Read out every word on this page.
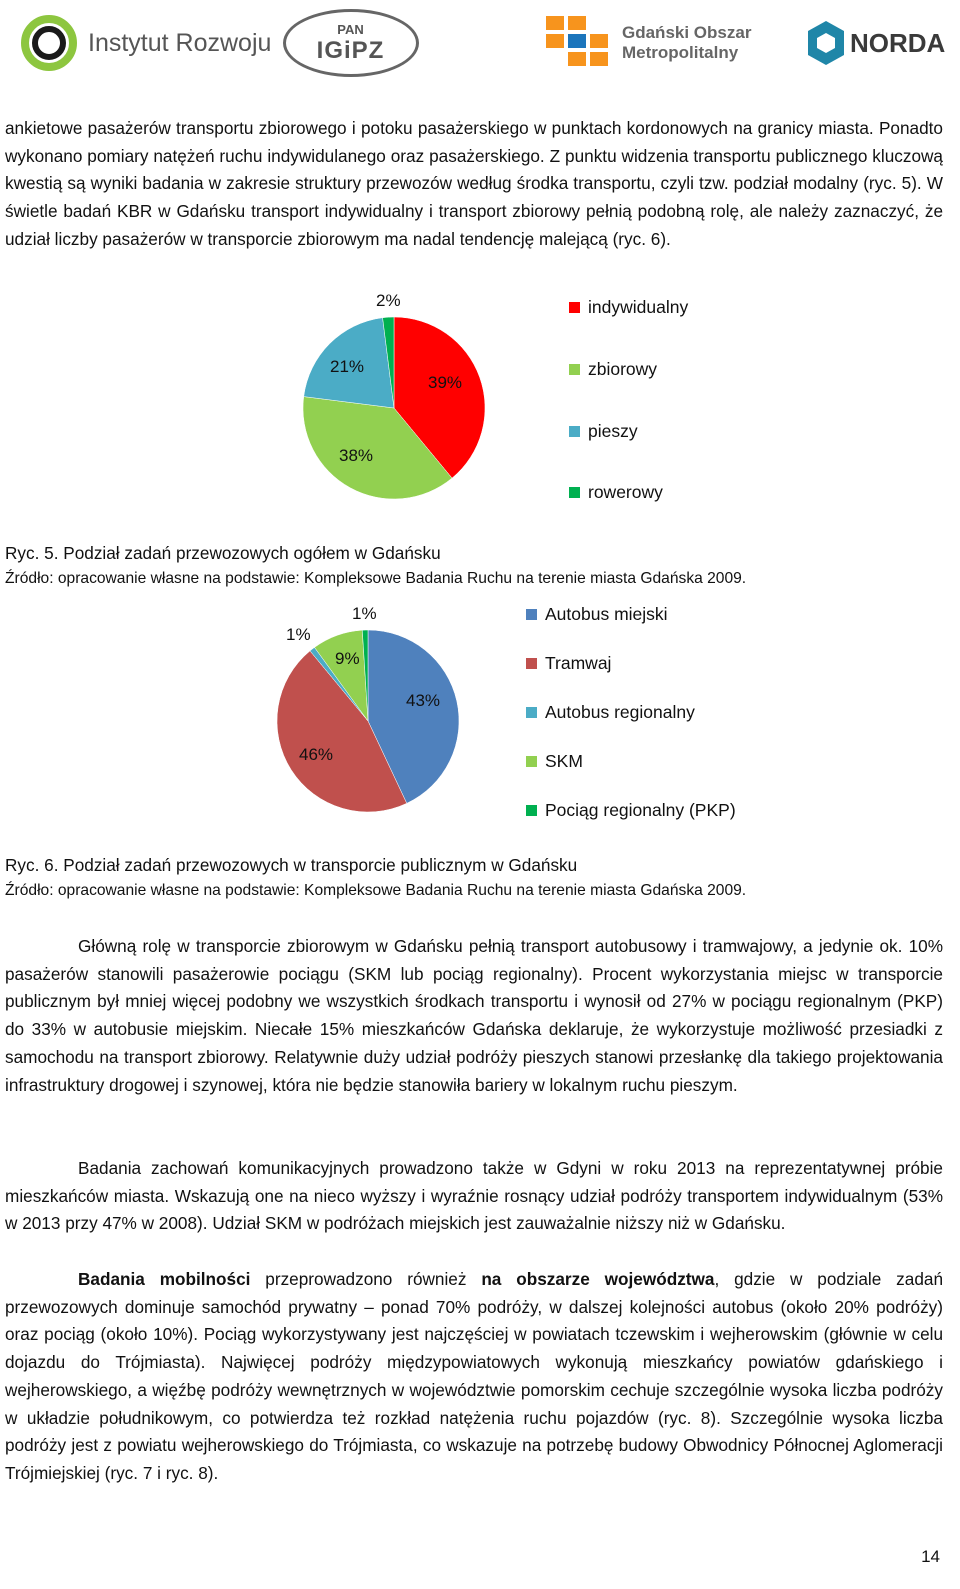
Instytut Rozwoju	PAN
IGiPZ
Gdański Obszar
Metropolitalny	NORDA

ankietowe pasażerów transportu zbiorowego i potoku pasażerskiego w punktach kordonowych na granicy miasta. Ponadto wykonano pomiary natężeń ruchu indywidulanego oraz pasażerskiego. Z punktu widzenia transportu publicznego kluczową kwestią są wyniki badania w zakresie struktury przewozów według środka transportu, czyli tzw. podział modalny (ryc. 5). W świetle badań KBR w Gdańsku transport indywidualny i transport zbiorowy pełnią podobną rolę, ale należy zaznaczyć, że udział liczby pasażerów w transporcie zbiorowym ma nadal tendencję malejącą (ryc. 6).

2%
21%
39%
38%
indywidualny
zbiorowy
pieszy
rowerowy
Ryc. 5. Podział zadań przewozowych ogółem w Gdańsku
Źródło: opracowanie własne na podstawie: Kompleksowe Badania Ruchu na terenie miasta Gdańska 2009.
1%
1%
9%
43%
46%
Autobus miejski
Tramwaj
Autobus regionalny
SKM
Pociąg regionalny (PKP)
Ryc. 6. Podział zadań przewozowych w transporcie publicznym w Gdańsku
Źródło: opracowanie własne na podstawie: Kompleksowe Badania Ruchu na terenie miasta Gdańska 2009.

Główną rolę w transporcie zbiorowym w Gdańsku pełnią transport autobusowy i tramwajowy, a jedynie ok. 10% pasażerów stanowili pasażerowie pociągu (SKM lub pociąg regionalny). Procent wykorzystania miejsc w transporcie publicznym był mniej więcej podobny we wszystkich środkach transportu i wynosił od 27% w pociągu regionalnym (PKP) do 33% w autobusie miejskim. Niecałe 15% mieszkańców Gdańska deklaruje, że wykorzystuje możliwość przesiadki z samochodu na transport zbiorowy. Relatywnie duży udział podróży pieszych stanowi przesłankę dla takiego projektowania infrastruktury drogowej i szynowej, która nie będzie stanowiła bariery w lokalnym ruchu pieszym.

Badania zachowań komunikacyjnych prowadzono także w Gdyni w roku 2013 na reprezentatywnej próbie mieszkańców miasta. Wskazują one na nieco wyższy i wyraźnie rosnący udział podróży transportem indywidualnym (53% w 2013 przy 47% w 2008). Udział SKM w podróżach miejskich jest zauważalnie niższy niż w Gdańsku.

Badania mobilności przeprowadzono również na obszarze województwa, gdzie w podziale zadań przewozowych dominuje samochód prywatny – ponad 70% podróży, w dalszej kolejności autobus (około 20% podróży) oraz pociąg (około 10%). Pociąg wykorzystywany jest najczęściej w powiatach tczewskim i wejherowskim (głównie w celu dojazdu do Trójmiasta). Najwięcej podróży międzypowiatowych wykonują mieszkańcy powiatów gdańskiego i wejherowskiego, a więźbę podróży wewnętrznych w województwie pomorskim cechuje szczególnie wysoka liczba podróży w układzie południkowym, co potwierdza też rozkład natężenia ruchu pojazdów (ryc. 8). Szczególnie wysoka liczba podróży jest z powiatu wejherowskiego do Trójmiasta, co wskazuje na potrzebę budowy Obwodnicy Północnej Aglomeracji Trójmiejskiej (ryc. 7 i ryc. 8).

14
